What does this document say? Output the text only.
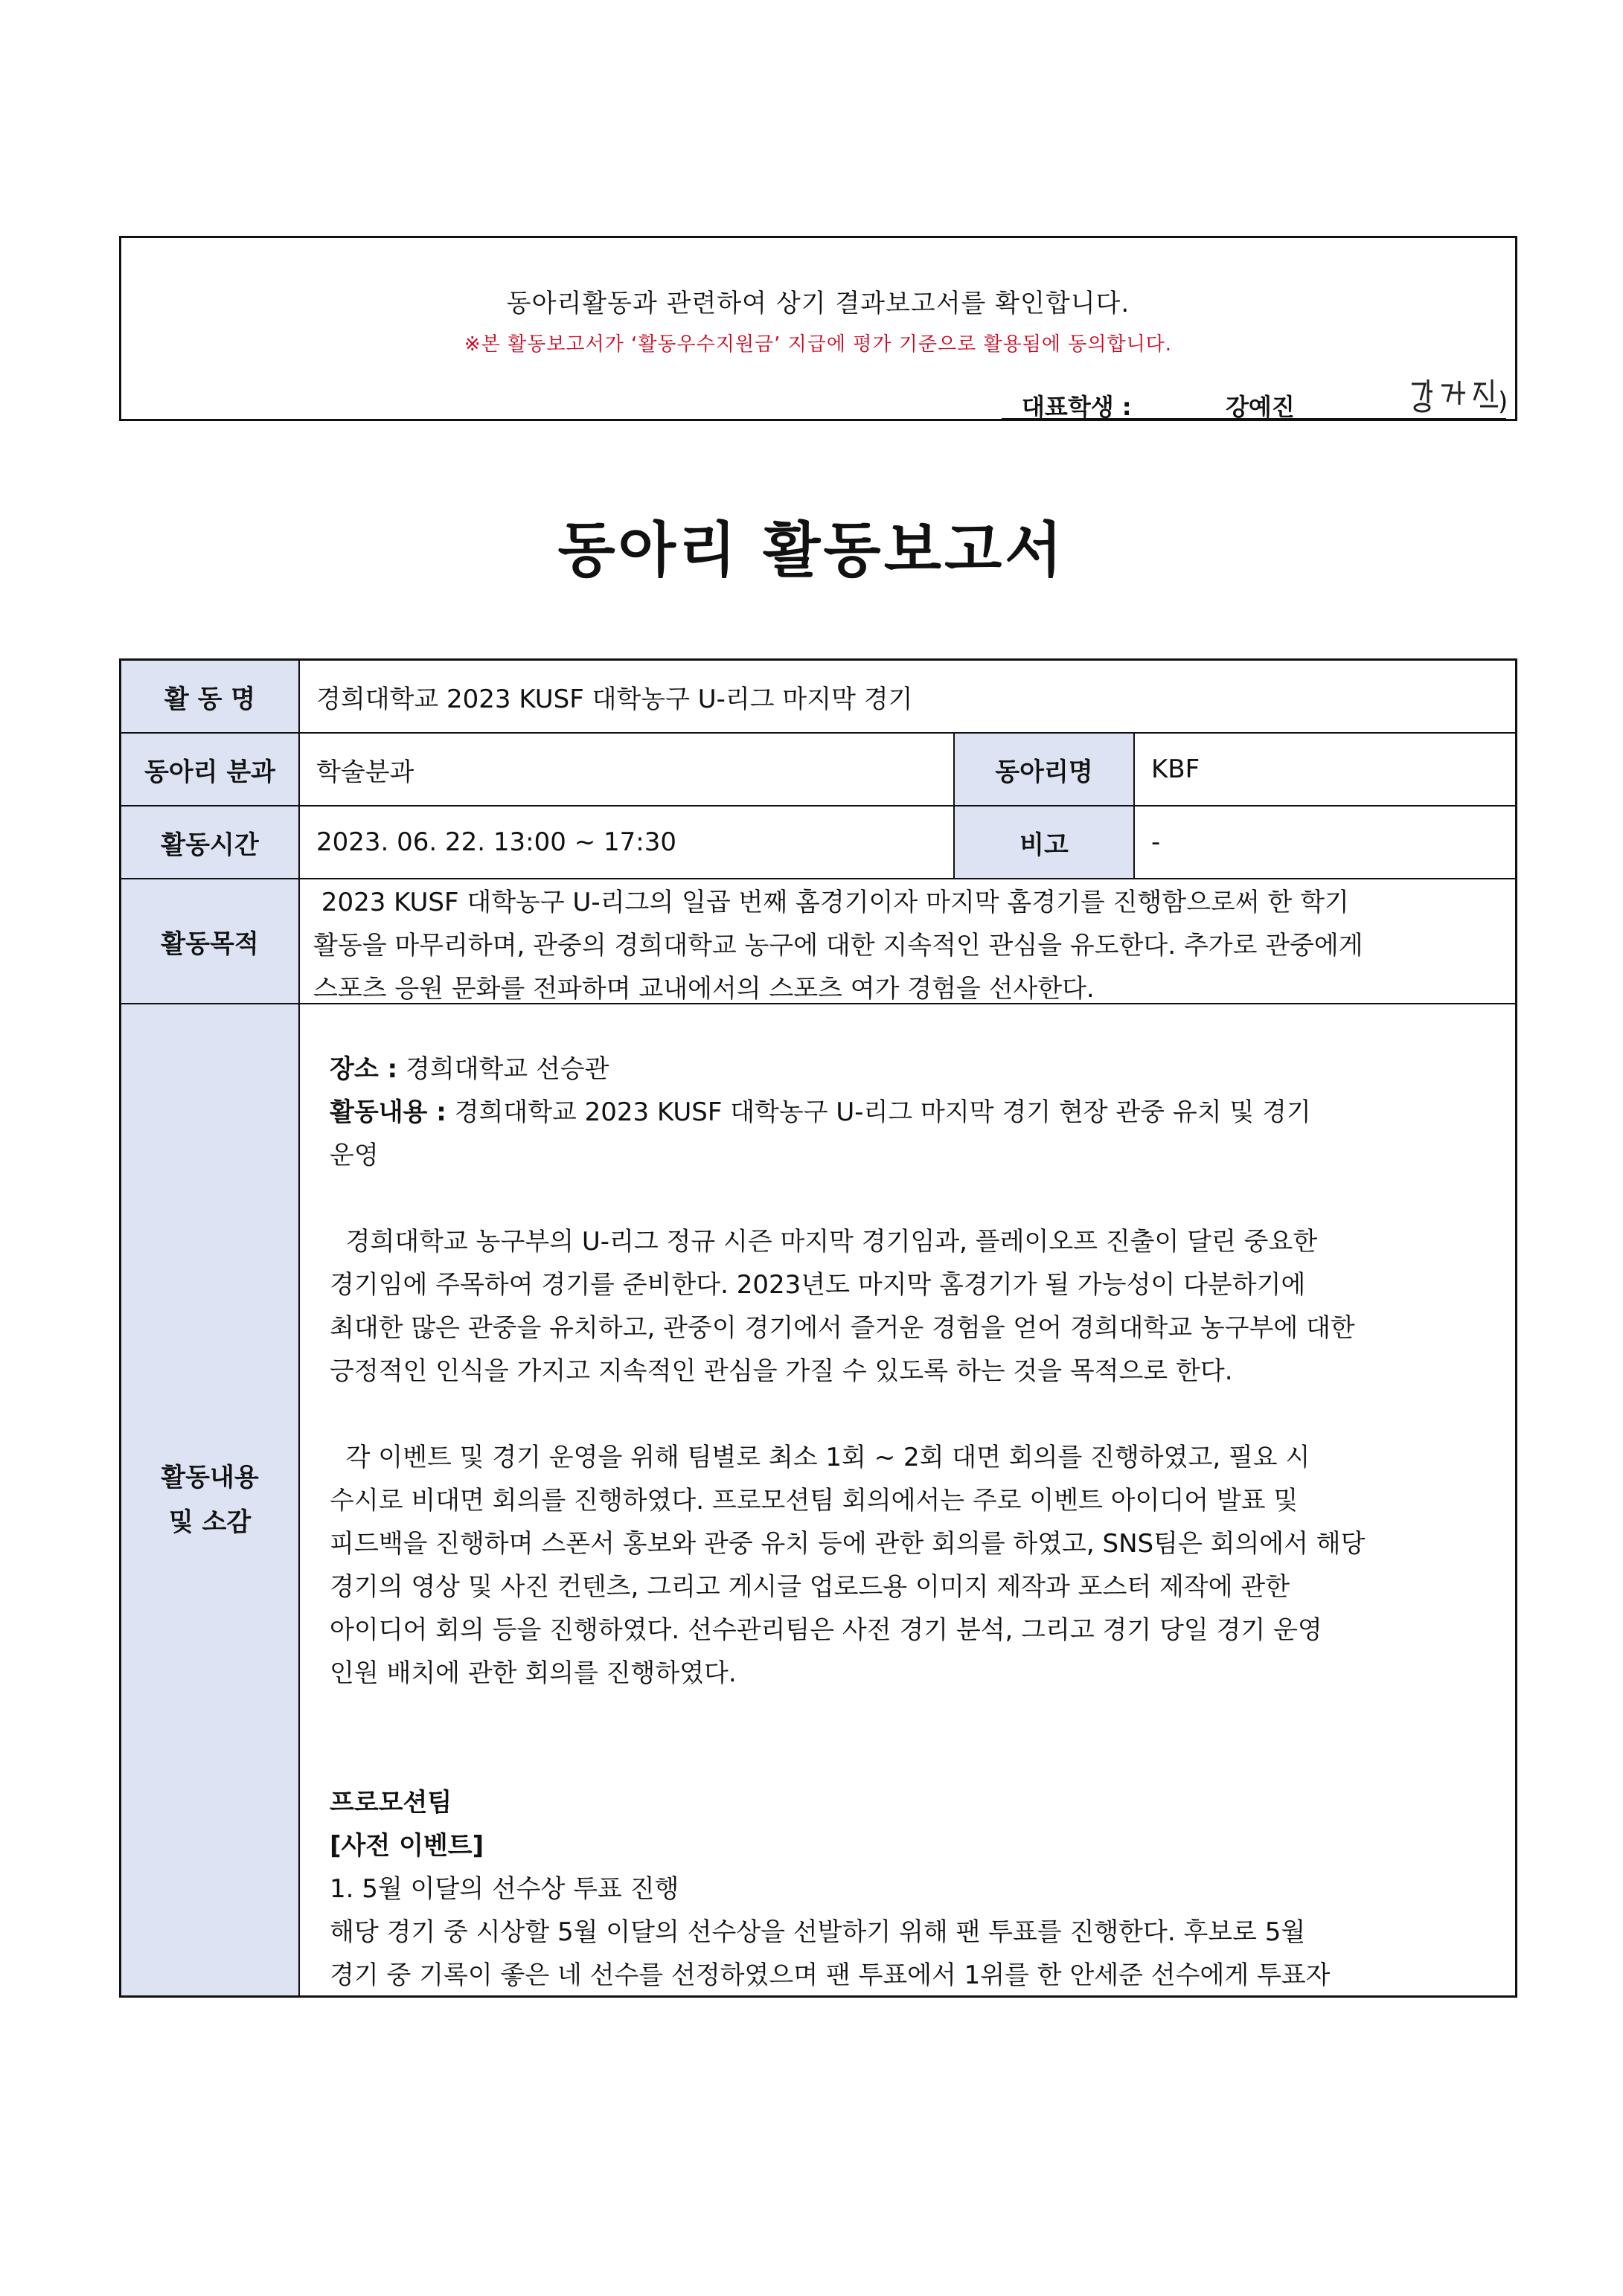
동아리활동과 관련하여 상기 결과보고서를 확인합니다.
※본 활동보고서가 ‘활동우수지원금’ 지급에 평가 기준으로 활용됨에 동의합니다.
대표학생 :	강예진	)
동아리 활동보고서
활 동 명	경희대학교 2023 KUSF 대학농구 U-리그 마지막 경기
동아리 분과	학술분과	동아리명	KBF
활동시간	2023. 06. 22. 13:00 ~ 17:30	비고	-
활동목적
2023 KUSF 대학농구 U-리그의 일곱 번째 홈경기이자 마지막 홈경기를 진행함으로써 한 학기
활동을 마무리하며, 관중의 경희대학교 농구에 대한 지속적인 관심을 유도한다. 추가로 관중에게
스포츠 응원 문화를 전파하며 교내에서의 스포츠 여가 경험을 선사한다.
활동내용
및 소감

장소 : 경희대학교 선승관

활동내용 : 경희대학교 2023 KUSF 대학농구 U-리그 마지막 경기 현장 관중 유치 및 경기

운영

경희대학교 농구부의 U-리그 정규 시즌 마지막 경기임과, 플레이오프 진출이 달린 중요한

경기임에 주목하여 경기를 준비한다. 2023년도 마지막 홈경기가 될 가능성이 다분하기에

최대한 많은 관중을 유치하고, 관중이 경기에서 즐거운 경험을 얻어 경희대학교 농구부에 대한

긍정적인 인식을 가지고 지속적인 관심을 가질 수 있도록 하는 것을 목적으로 한다.

각 이벤트 및 경기 운영을 위해 팀별로 최소 1회 ~ 2회 대면 회의를 진행하였고, 필요 시

수시로 비대면 회의를 진행하였다. 프로모션팀 회의에서는 주로 이벤트 아이디어 발표 및

피드백을 진행하며 스폰서 홍보와 관중 유치 등에 관한 회의를 하였고, SNS팀은 회의에서 해당

경기의 영상 및 사진 컨텐츠, 그리고 게시글 업로드용 이미지 제작과 포스터 제작에 관한

아이디어 회의 등을 진행하였다. 선수관리팀은 사전 경기 분석, 그리고 경기 당일 경기 운영

인원 배치에 관한 회의를 진행하였다.

프로모션팀

[사전 이벤트]

1. 5월 이달의 선수상 투표 진행

해당 경기 중 시상할 5월 이달의 선수상을 선발하기 위해 팬 투표를 진행한다. 후보로 5월

경기 중 기록이 좋은 네 선수를 선정하였으며 팬 투표에서 1위를 한 안세준 선수에게 투표자
